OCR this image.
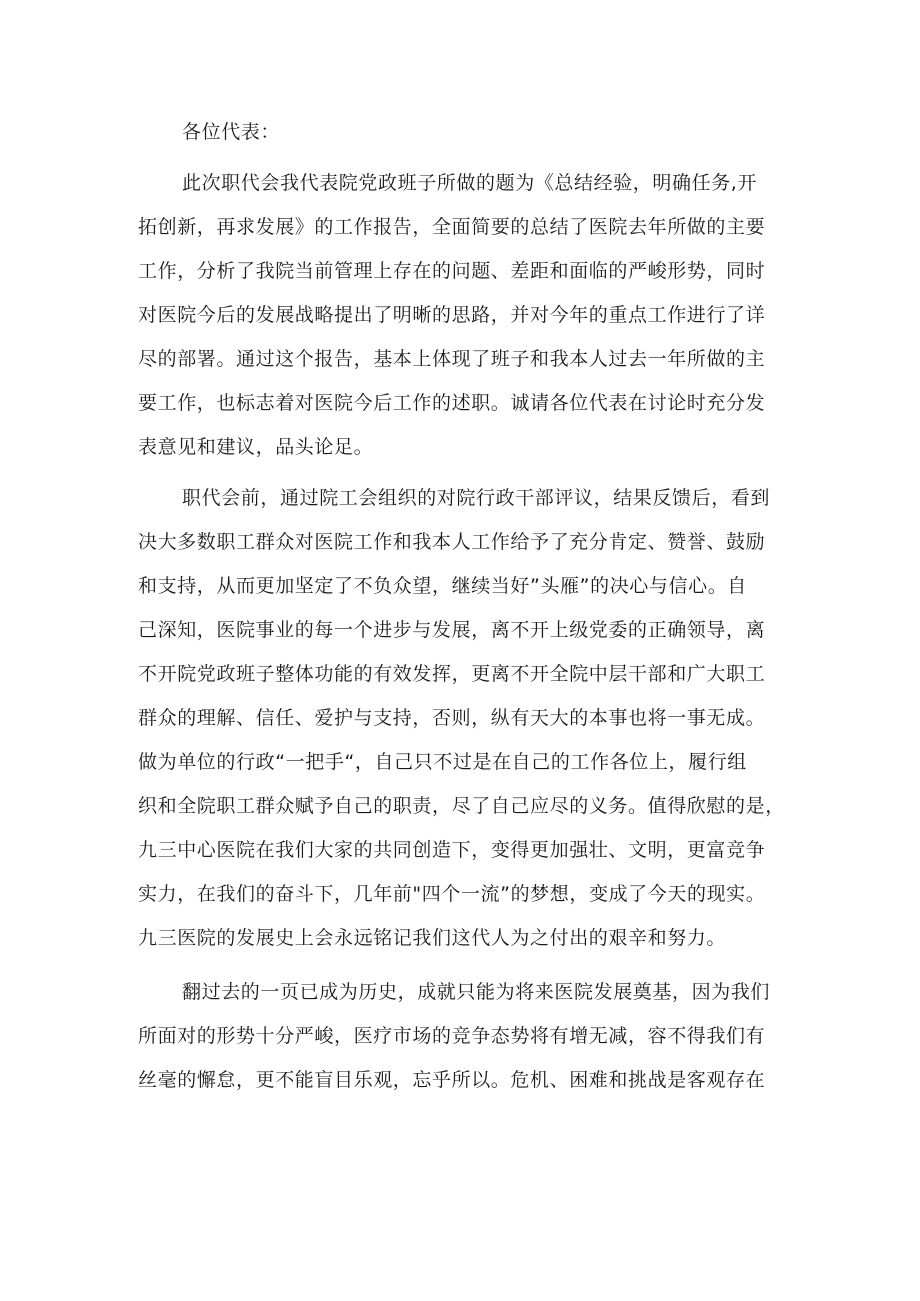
各位代表：
此次职代会我代表院党政班子所做的题为《总结经验，明确任务,开
拓创新，再求发展》的工作报告，全面简要的总结了医院去年所做的主要
工作，分析了我院当前管理上存在的问题、差距和面临的严峻形势，同时
对医院今后的发展战略提出了明晰的思路，并对今年的重点工作进行了详
尽的部署。通过这个报告，基本上体现了班子和我本人过去一年所做的主
要工作，也标志着对医院今后工作的述职。诚请各位代表在讨论时充分发
表意见和建议，品头论足。
职代会前，通过院工会组织的对院行政干部评议，结果反馈后，看到
决大多数职工群众对医院工作和我本人工作给予了充分肯定、赞誉、鼓励
和支持，从而更加坚定了不负众望，继续当好”头雁”的决心与信心。自
己深知，医院事业的每一个进步与发展，离不开上级党委的正确领导，离
不开院党政班子整体功能的有效发挥，更离不开全院中层干部和广大职工
群众的理解、信任、爱护与支持，否则，纵有天大的本事也将一事无成。
做为单位的行政“一把手“，自己只不过是在自己的工作各位上，履行组
织和全院职工群众赋予自己的职责，尽了自己应尽的义务。值得欣慰的是，
九三中心医院在我们大家的共同创造下，变得更加强壮、文明，更富竞争
实力，在我们的奋斗下，几年前"四个一流”的梦想，变成了今天的现实。
九三医院的发展史上会永远铭记我们这代人为之付出的艰辛和努力。
翻过去的一页已成为历史，成就只能为将来医院发展奠基，因为我们
所面对的形势十分严峻，医疗市场的竞争态势将有增无减，容不得我们有
丝毫的懈怠，更不能盲目乐观，忘乎所以。危机、困难和挑战是客观存在
